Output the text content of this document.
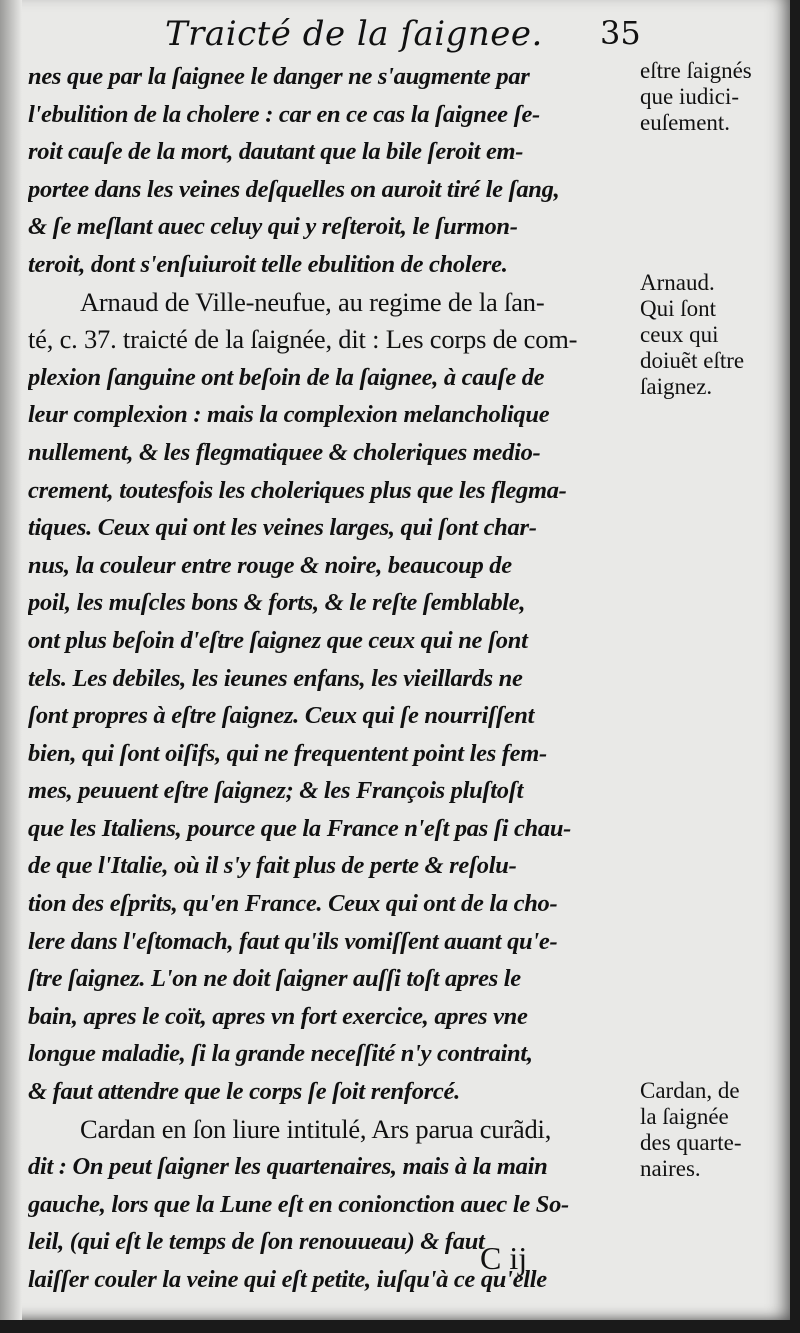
Traicté de la ſaignee. 35
nes que par la ſaignee le danger ne s'augmente par
l'ebulition de la cholere : car en ce cas la ſaignee ſe-
roit cauſe de la mort, dautant que la bile ſeroit em-
portee dans les veines deſquelles on auroit tiré le ſang,
& ſe meſlant auec celuy qui y reſteroit, le ſurmon-
teroit, dont s'enſuiuroit telle ebulition de cholere.
Arnaud de Ville-neufue, au regime de la ſan-
té, c. 37. traicté de la ſaignée, dit : Les corps de com-
plexion ſanguine ont beſoin de la ſaignee, à cauſe de
leur complexion : mais la complexion melancholique
nullement, & les flegmatiquee & choleriques medio-
crement, toutesfois les choleriques plus que les flegma-
tiques. Ceux qui ont les veines larges, qui ſont char-
nus, la couleur entre rouge & noire, beaucoup de
poil, les muſcles bons & forts, & le reſte ſemblable,
ont plus beſoin d'eſtre ſaignez que ceux qui ne ſont
tels. Les debiles, les ieunes enfans, les vieillards ne
ſont propres à eſtre ſaignez. Ceux qui ſe nourriſſent
bien, qui ſont oiſifs, qui ne frequentent point les fem-
mes, peuuent eſtre ſaignez; & les François pluſtoſt
que les Italiens, pource que la France n'eſt pas ſi chau-
de que l'Italie, où il s'y fait plus de perte & reſolu-
tion des eſprits, qu'en France. Ceux qui ont de la cho-
lere dans l'eſtomach, faut qu'ils vomiſſent auant qu'e-
ſtre ſaignez. L'on ne doit ſaigner auſſi toſt apres le
bain, apres le coït, apres vn fort exercice, apres vne
longue maladie, ſi la grande neceſſité n'y contraint,
& faut attendre que le corps ſe ſoit renforcé.
Cardan en ſon liure intitulé, Ars parua curãdi,
dit : On peut ſaigner les quartenaires, mais à la main
gauche, lors que la Lune eſt en conionction auec le So-
leil, (qui eſt le temps de ſon renouueau) & faut
laiſſer couler la veine qui eſt petite, iuſqu'à ce qu'elle
eſtre ſaignés
que iudici-
euſement.
Arnaud.
Qui ſont
ceux qui
doiuẽt eſtre
ſaignez.
Cardan, de
la ſaignée
des quarte-
naires.
C ij
